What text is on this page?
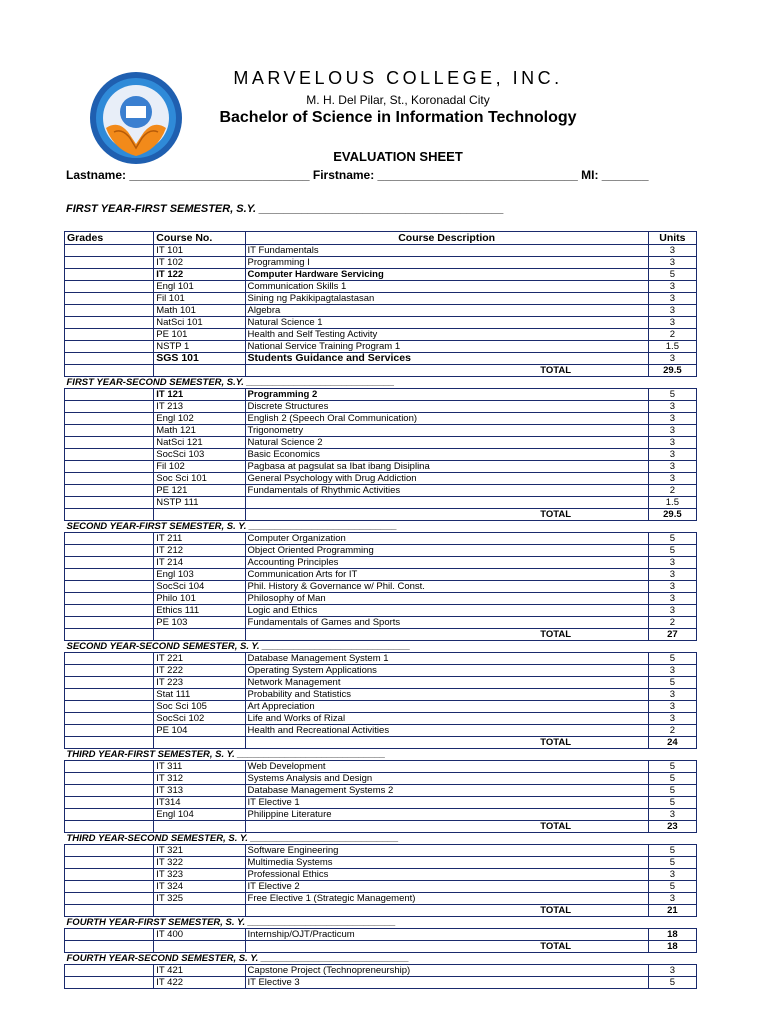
MARVELOUS COLLEGE, INC.
M. H. Del Pilar, St., Koronadal City
Bachelor of Science in Information Technology
EVALUATION SHEET
Lastname: ___________________________ Firstname: ______________________________ MI: _______
FIRST YEAR-FIRST SEMESTER, S.Y. ________________________________________
Grades	Course No.	Course Description	Units
	IT 101	IT Fundamentals	3
	IT 102	Programming I	3
	IT 122	Computer Hardware Servicing	5
	Engl 101	Communication Skills 1	3
	Fil 101	Sining ng Pakikipagtalastasan	3
	Math 101	Algebra	3
	NatSci 101	Natural Science 1	3
	PE 101	Health and Self Testing Activity	2
	NSTP 1	National Service Training Program 1	1.5
	SGS 101	Students Guidance and Services	3
		TOTAL	29.5
FIRST YEAR-SECOND SEMESTER, S.Y. ____________________________			
	IT 121	Programming 2	5
	IT 213	Discrete Structures	3
	Engl 102	English 2 (Speech Oral Communication)	3
	Math 121	Trigonometry	3
	NatSci 121	Natural Science 2	3
	SocSci 103	Basic Economics	3
	Fil 102	Pagbasa at pagsulat sa Ibat ibang Disiplina	3
	Soc Sci 101	General Psychology with Drug Addiction	3
	PE 121	Fundamentals of Rhythmic Activities	2
	NSTP 111		1.5
		TOTAL	29.5
SECOND YEAR-FIRST SEMESTER, S. Y. ____________________________			
	IT 211	Computer Organization	5
	IT 212	Object Oriented Programming	5
	IT 214	Accounting Principles	3
	Engl 103	Communication Arts for IT	3
	SocSci 104	Phil. History & Governance w/ Phil. Const.	3
	Philo 101	Philosophy of Man	3
	Ethics 111	Logic and Ethics	3
	PE 103	Fundamentals of Games and Sports	2
		TOTAL	27
SECOND YEAR-SECOND SEMESTER, S. Y. ____________________________			
	IT 221	Database Management System 1	5
	IT 222	Operating System Applications	3
	IT 223	Network Management	5
	Stat 111	Probability and Statistics	3
	Soc Sci 105	Art Appreciation	3
	SocSci 102	Life and Works of Rizal	3
	PE 104	Health and Recreational Activities	2
		TOTAL	24
THIRD YEAR-FIRST SEMESTER, S. Y. ____________________________			
	IT 311	Web Development	5
	IT 312	Systems Analysis and Design	5
	IT 313	Database Management Systems 2	5
	IT314	IT Elective 1	5
	Engl 104	Philippine Literature	3
		TOTAL	23
THIRD YEAR-SECOND SEMESTER, S. Y. ____________________________			
	IT 321	Software Engineering	5
	IT 322	Multimedia Systems	5
	IT 323	Professional Ethics	3
	IT 324	IT Elective 2	5
	IT 325	Free Elective 1 (Strategic Management)	3
		TOTAL	21
FOURTH YEAR-FIRST SEMESTER, S. Y. ____________________________			
	IT 400	Internship/OJT/Practicum	18
		TOTAL	18
FOURTH YEAR-SECOND SEMESTER, S. Y. ____________________________			
	IT 421	Capstone Project (Technopreneurship)	3
	IT 422	IT Elective 3	5
